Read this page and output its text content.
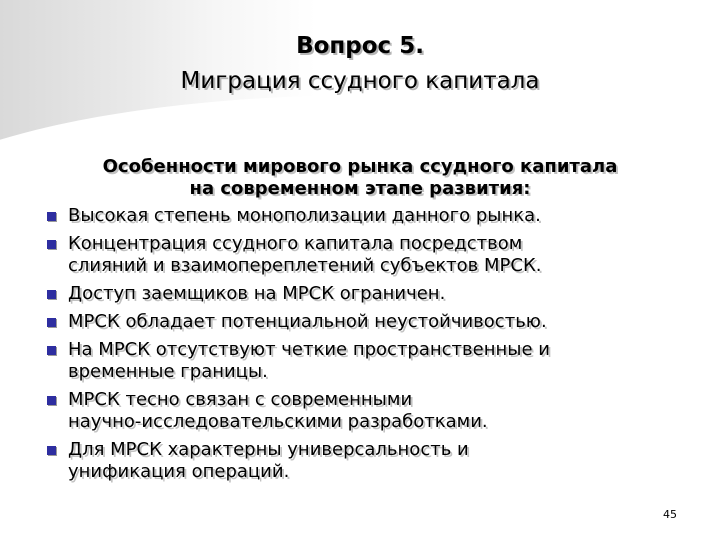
Вопрос 5.
Миграция ссудного капитала
Особенности мирового рынка ссудного капитала
на современном этапе развития:
Высокая степень монополизации данного рынка.
Концентрация ссудного капитала посредством
слияний и взаимопереплетений субъектов МРСК.
Доступ заемщиков на МРСК ограничен.
МРСК обладает потенциальной неустойчивостью.
На МРСК отсутствуют четкие пространственные и
временные границы.
МРСК тесно связан с современными
научно-исследовательскими разработками.
Для МРСК характерны универсальность и
унификация операций.
45
